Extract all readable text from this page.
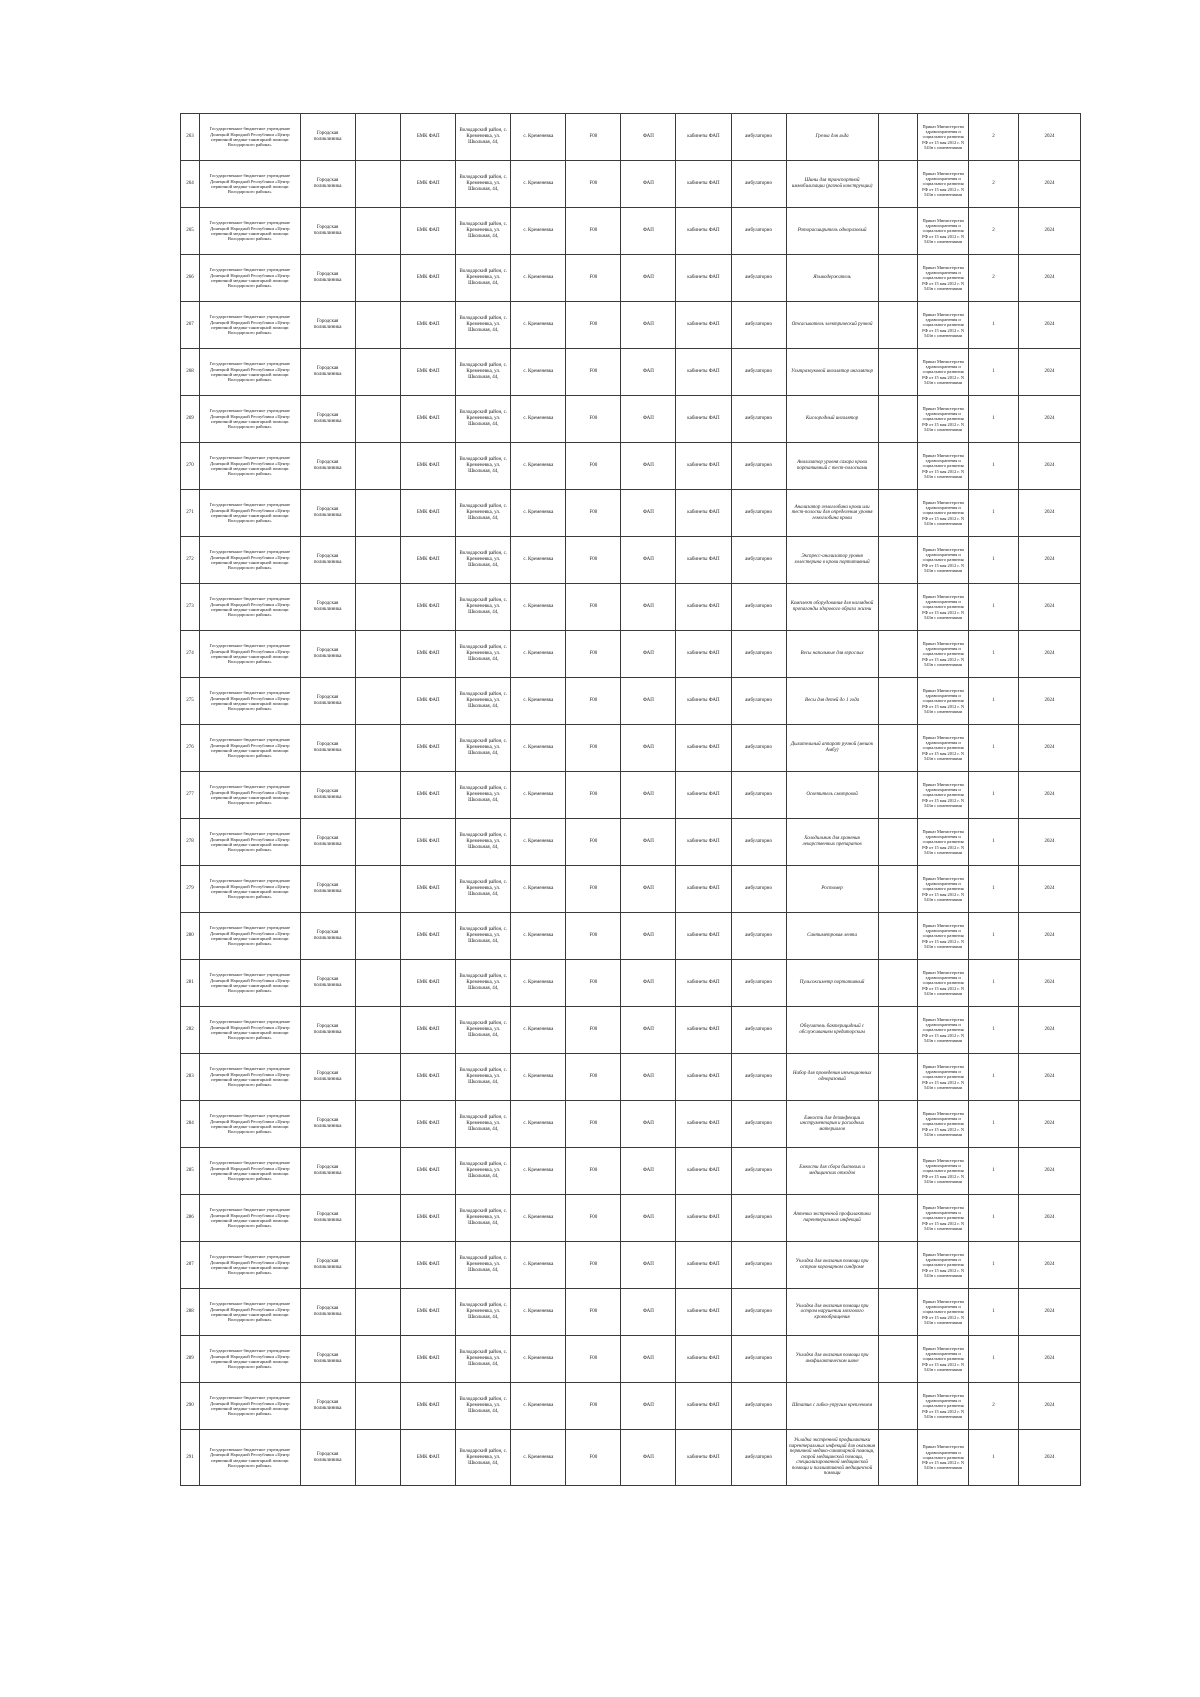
263	Государственное бюджетное учреждение Донецкой Народной Республики «Центр первичной медико-санитарной помощи Володарского района»	Городская поликлиника		БМК ФАП	Володарский район, с. Кременевка, ул. Школьная, 44,	с. Кременевка	F00	ФАП	кабинеты ФАП	амбулаторно	Грелка для льда		Приказ Министерства здравоохранения и социального развития РФ от 15 мая 2012 г. N 543н с изменениями	2	2024
264	Государственное бюджетное учреждение Донецкой Народной Республики «Центр первичной медико-санитарной помощи Володарского района»	Городская поликлиника		БМК ФАП	Володарский район, с. Кременевка, ул. Школьная, 44,	с. Кременевка	F00	ФАП	кабинеты ФАП	амбулаторно	Шины для транспортной иммобилизации (разной конструкции)		Приказ Министерства здравоохранения и социального развития РФ от 15 мая 2012 г. N 543н с изменениями	2	2024
265	Государственное бюджетное учреждение Донецкой Народной Республики «Центр первичной медико-санитарной помощи Володарского района»	Городская поликлиника		БМК ФАП	Володарский район, с. Кременевка, ул. Школьная, 44,	с. Кременевка	F00	ФАП	кабинеты ФАП	амбулаторно	Роторасширитель одноразовый		Приказ Министерства здравоохранения и социального развития РФ от 15 мая 2012 г. N 543н с изменениями	2	2024
266	Государственное бюджетное учреждение Донецкой Народной Республики «Центр первичной медико-санитарной помощи Володарского района»	Городская поликлиника		БМК ФАП	Володарский район, с. Кременевка, ул. Школьная, 44,	с. Кременевка	F00	ФАП	кабинеты ФАП	амбулаторно	Языкодержатель		Приказ Министерства здравоохранения и социального развития РФ от 15 мая 2012 г. N 543н с изменениями	2	2024
267	Государственное бюджетное учреждение Донецкой Народной Республики «Центр первичной медико-санитарной помощи Володарского района»	Городская поликлиника		БМК ФАП	Володарский район, с. Кременевка, ул. Школьная, 44,	с. Кременевка	F00	ФАП	кабинеты ФАП	амбулаторно	Отсасыватель электрический ручной		Приказ Министерства здравоохранения и социального развития РФ от 15 мая 2012 г. N 543н с изменениями	1	2024
268	Государственное бюджетное учреждение Донецкой Народной Республики «Центр первичной медико-санитарной помощи Володарского района»	Городская поликлиника		БМК ФАП	Володарский район, с. Кременевка, ул. Школьная, 44,	с. Кременевка	F00	ФАП	кабинеты ФАП	амбулаторно	Ультразвуковой ингалятор ингалятор		Приказ Министерства здравоохранения и социального развития РФ от 15 мая 2012 г. N 543н с изменениями	1	2024
269	Государственное бюджетное учреждение Донецкой Народной Республики «Центр первичной медико-санитарной помощи Володарского района»	Городская поликлиника		БМК ФАП	Володарский район, с. Кременевка, ул. Школьная, 44,	с. Кременевка	F00	ФАП	кабинеты ФАП	амбулаторно	Кислородный ингалятор		Приказ Министерства здравоохранения и социального развития РФ от 15 мая 2012 г. N 543н с изменениями	1	2024
270	Государственное бюджетное учреждение Донецкой Народной Республики «Центр первичной медико-санитарной помощи Володарского района»	Городская поликлиника		БМК ФАП	Володарский район, с. Кременевка, ул. Школьная, 44,	с. Кременевка	F00	ФАП	кабинеты ФАП	амбулаторно	Анализатор уровня сахара крови портативный с тест-полосками		Приказ Министерства здравоохранения и социального развития РФ от 15 мая 2012 г. N 543н с изменениями	1	2024
271	Государственное бюджетное учреждение Донецкой Народной Республики «Центр первичной медико-санитарной помощи Володарского района»	Городская поликлиника		БМК ФАП	Володарский район, с. Кременевка, ул. Школьная, 44,	с. Кременевка	F00	ФАП	кабинеты ФАП	амбулаторно	Анализатор гемоглобина крови или тест-полоски для определения уровня гемоглобина крови		Приказ Министерства здравоохранения и социального развития РФ от 15 мая 2012 г. N 543н с изменениями	1	2024
272	Государственное бюджетное учреждение Донецкой Народной Республики «Центр первичной медико-санитарной помощи Володарского района»	Городская поликлиника		БМК ФАП	Володарский район, с. Кременевка, ул. Школьная, 44,	с. Кременевка	F00	ФАП	кабинеты ФАП	амбулаторно	Экспресс-анализатор уровня холестерина в крови портативный		Приказ Министерства здравоохранения и социального развития РФ от 15 мая 2012 г. N 543н с изменениями	1	2024
273	Государственное бюджетное учреждение Донецкой Народной Республики «Центр первичной медико-санитарной помощи Володарского района»	Городская поликлиника		БМК ФАП	Володарский район, с. Кременевка, ул. Школьная, 44,	с. Кременевка	F00	ФАП	кабинеты ФАП	амбулаторно	Комплект оборудования для наглядной пропаганды здорового образа жизни		Приказ Министерства здравоохранения и социального развития РФ от 15 мая 2012 г. N 543н с изменениями	1	2024
274	Государственное бюджетное учреждение Донецкой Народной Республики «Центр первичной медико-санитарной помощи Володарского района»	Городская поликлиника		БМК ФАП	Володарский район, с. Кременевка, ул. Школьная, 44,	с. Кременевка	F00	ФАП	кабинеты ФАП	амбулаторно	Весы напольные для взрослых		Приказ Министерства здравоохранения и социального развития РФ от 15 мая 2012 г. N 543н с изменениями	1	2024
275	Государственное бюджетное учреждение Донецкой Народной Республики «Центр первичной медико-санитарной помощи Володарского района»	Городская поликлиника		БМК ФАП	Володарский район, с. Кременевка, ул. Школьная, 44,	с. Кременевка	F00	ФАП	кабинеты ФАП	амбулаторно	Весы для детей до 1 года		Приказ Министерства здравоохранения и социального развития РФ от 15 мая 2012 г. N 543н с изменениями	1	2024
276	Государственное бюджетное учреждение Донецкой Народной Республики «Центр первичной медико-санитарной помощи Володарского района»	Городская поликлиника		БМК ФАП	Володарский район, с. Кременевка, ул. Школьная, 44,	с. Кременевка	F00	ФАП	кабинеты ФАП	амбулаторно	Дыхательный аппарат ручной (мешок Амбу)		Приказ Министерства здравоохранения и социального развития РФ от 15 мая 2012 г. N 543н с изменениями	1	2024
277	Государственное бюджетное учреждение Донецкой Народной Республики «Центр первичной медико-санитарной помощи Володарского района»	Городская поликлиника		БМК ФАП	Володарский район, с. Кременевка, ул. Школьная, 44,	с. Кременевка	F00	ФАП	кабинеты ФАП	амбулаторно	Осветитель смотровой		Приказ Министерства здравоохранения и социального развития РФ от 15 мая 2012 г. N 543н с изменениями	1	2024
278	Государственное бюджетное учреждение Донецкой Народной Республики «Центр первичной медико-санитарной помощи Володарского района»	Городская поликлиника		БМК ФАП	Володарский район, с. Кременевка, ул. Школьная, 44,	с. Кременевка	F00	ФАП	кабинеты ФАП	амбулаторно	Холодильник для хранения лекарственных препаратов		Приказ Министерства здравоохранения и социального развития РФ от 15 мая 2012 г. N 543н с изменениями	1	2024
279	Государственное бюджетное учреждение Донецкой Народной Республики «Центр первичной медико-санитарной помощи Володарского района»	Городская поликлиника		БМК ФАП	Володарский район, с. Кременевка, ул. Школьная, 44,	с. Кременевка	F00	ФАП	кабинеты ФАП	амбулаторно	Ростомер		Приказ Министерства здравоохранения и социального развития РФ от 15 мая 2012 г. N 543н с изменениями	1	2024
280	Государственное бюджетное учреждение Донецкой Народной Республики «Центр первичной медико-санитарной помощи Володарского района»	Городская поликлиника		БМК ФАП	Володарский район, с. Кременевка, ул. Школьная, 44,	с. Кременевка	F00	ФАП	кабинеты ФАП	амбулаторно	Сантиметровая лента		Приказ Министерства здравоохранения и социального развития РФ от 15 мая 2012 г. N 543н с изменениями	1	2024
281	Государственное бюджетное учреждение Донецкой Народной Республики «Центр первичной медико-санитарной помощи Володарского района»	Городская поликлиника		БМК ФАП	Володарский район, с. Кременевка, ул. Школьная, 44,	с. Кременевка	F00	ФАП	кабинеты ФАП	амбулаторно	Пульсоксиметр портативный		Приказ Министерства здравоохранения и социального развития РФ от 15 мая 2012 г. N 543н с изменениями	1	2024
282	Государственное бюджетное учреждение Донецкой Народной Республики «Центр первичной медико-санитарной помощи Володарского района»	Городская поликлиника		БМК ФАП	Володарский район, с. Кременевка, ул. Школьная, 44,	с. Кременевка	F00	ФАП	кабинеты ФАП	амбулаторно	Облучатель бактерицидный с обслуживанием кредиторским		Приказ Министерства здравоохранения и социального развития РФ от 15 мая 2012 г. N 543н с изменениями	1	2024
283	Государственное бюджетное учреждение Донецкой Народной Республики «Центр первичной медико-санитарной помощи Володарского района»	Городская поликлиника		БМК ФАП	Володарский район, с. Кременевка, ул. Школьная, 44,	с. Кременевка	F00	ФАП	кабинеты ФАП	амбулаторно	Набор для проведения инъекционных одноразовый		Приказ Министерства здравоохранения и социального развития РФ от 15 мая 2012 г. N 543н с изменениями	1	2024
284	Государственное бюджетное учреждение Донецкой Народной Республики «Центр первичной медико-санитарной помощи Володарского района»	Городская поликлиника		БМК ФАП	Володарский район, с. Кременевка, ул. Школьная, 44,	с. Кременевка	F00	ФАП	кабинеты ФАП	амбулаторно	Емкости для дезинфекции инструментария и расходных материалов		Приказ Министерства здравоохранения и социального развития РФ от 15 мая 2012 г. N 543н с изменениями	1	2024
285	Государственное бюджетное учреждение Донецкой Народной Республики «Центр первичной медико-санитарной помощи Володарского района»	Городская поликлиника		БМК ФАП	Володарский район, с. Кременевка, ул. Школьная, 44,	с. Кременевка	F00	ФАП	кабинеты ФАП	амбулаторно	Емкости для сбора бытовых и медицинских отходов		Приказ Министерства здравоохранения и социального развития РФ от 15 мая 2012 г. N 543н с изменениями	1	2024
286	Государственное бюджетное учреждение Донецкой Народной Республики «Центр первичной медико-санитарной помощи Володарского района»	Городская поликлиника		БМК ФАП	Володарский район, с. Кременевка, ул. Школьная, 44,	с. Кременевка	F00	ФАП	кабинеты ФАП	амбулаторно	Аптечка экстренной профилактики парентеральных инфекций		Приказ Министерства здравоохранения и социального развития РФ от 15 мая 2012 г. N 543н с изменениями	1	2024
287	Государственное бюджетное учреждение Донецкой Народной Республики «Центр первичной медико-санитарной помощи Володарского района»	Городская поликлиника		БМК ФАП	Володарский район, с. Кременевка, ул. Школьная, 44,	с. Кременевка	F00	ФАП	кабинеты ФАП	амбулаторно	Укладка для оказания помощи при остром коронарном синдроме		Приказ Министерства здравоохранения и социального развития РФ от 15 мая 2012 г. N 543н с изменениями	1	2024
288	Государственное бюджетное учреждение Донецкой Народной Республики «Центр первичной медико-санитарной помощи Володарского района»	Городская поликлиника		БМК ФАП	Володарский район, с. Кременевка, ул. Школьная, 44,	с. Кременевка	F00	ФАП	кабинеты ФАП	амбулаторно	Укладка для оказания помощи при остром нарушении мозгового кровообращения		Приказ Министерства здравоохранения и социального развития РФ от 15 мая 2012 г. N 543н с изменениями	1	2024
289	Государственное бюджетное учреждение Донецкой Народной Республики «Центр первичной медико-санитарной помощи Володарского района»	Городская поликлиника		БМК ФАП	Володарский район, с. Кременевка, ул. Школьная, 44,	с. Кременевка	F00	ФАП	кабинеты ФАП	амбулаторно	Укладка для оказания помощи при анафилактическом шоке		Приказ Министерства здравоохранения и социального развития РФ от 15 мая 2012 г. N 543н с изменениями	1	2024
290	Государственное бюджетное учреждение Донецкой Народной Республики «Центр первичной медико-санитарной помощи Володарского района»	Городская поликлиника		БМК ФАП	Володарский район, с. Кременевка, ул. Школьная, 44,	с. Кременевка	F00	ФАП	кабинеты ФАП	амбулаторно	Штатив с гибко-упругим креплением		Приказ Министерства здравоохранения и социального развития РФ от 15 мая 2012 г. N 543н с изменениями	2	2024
291	Государственное бюджетное учреждение Донецкой Народной Республики «Центр первичной медико-санитарной помощи Володарского района»	Городская поликлиника		БМК ФАП	Володарский район, с. Кременевка, ул. Школьная, 44,	с. Кременевка	F00	ФАП	кабинеты ФАП	амбулаторно	Укладка экстренной профилактики парентеральных инфекций для оказания первичной медико-санитарной помощи, скорой медицинской помощи, специализированной медицинской помощи и паллиативной медицинской помощи		Приказ Министерства здравоохранения и социального развития РФ от 15 мая 2012 г. N 543н с изменениями	1	2024
